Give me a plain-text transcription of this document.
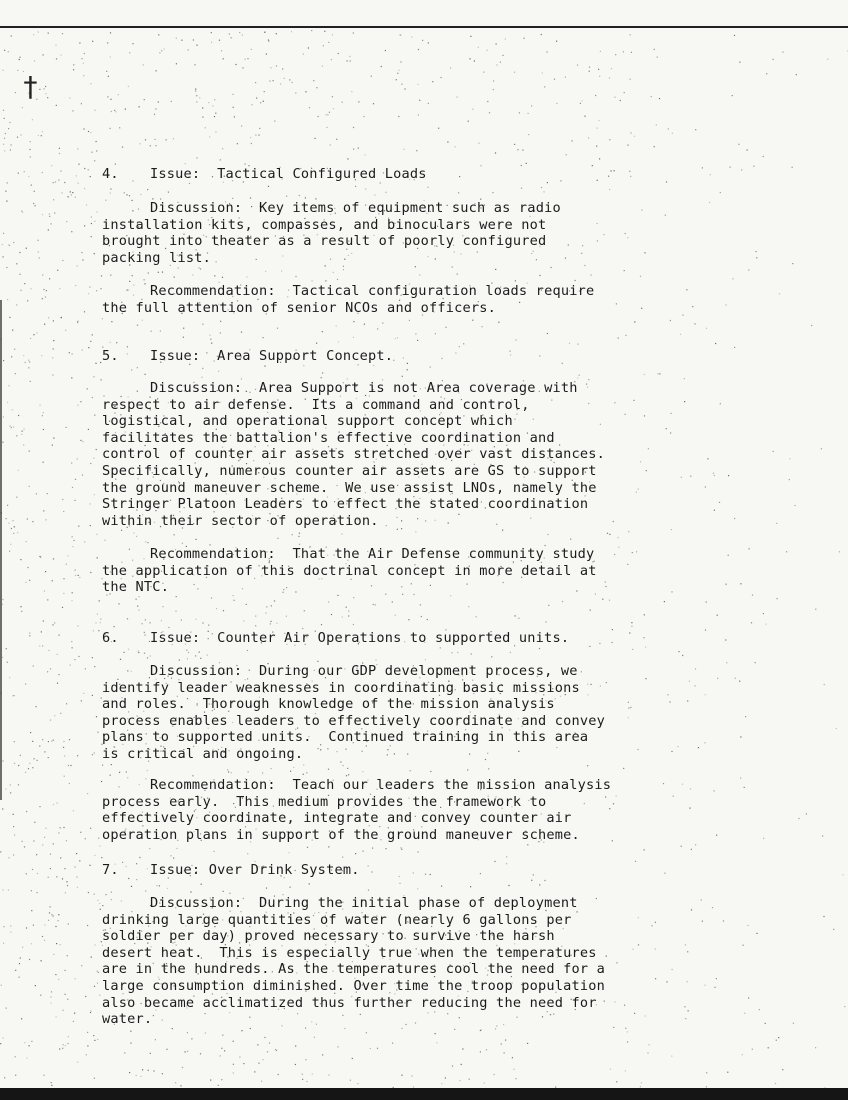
†
4. Issue:  Tactical Configured Loads
Discussion: Key items of equipment such as radio
installation kits, compasses, and binoculars were not
brought into theater as a result of poorly configured
packing list.
Recommendation: Tactical configuration loads require
the full attention of senior NCOs and officers.
5. Issue:  Area Support Concept.
Discussion: Area Support is not Area coverage with
respect to air defense.  Its a command and control,
logistical, and operational support concept which
facilitates the battalion's effective coordination and
control of counter air assets stretched over vast distances.
Specifically, numerous counter air assets are GS to support
the ground maneuver scheme.  We use assist LNOs, namely the
Stringer Platoon Leaders to effect the stated coordination
within their sector of operation.
Recommendation: That the Air Defense community study
the application of this doctrinal concept in more detail at
the NTC.
6. Issue:  Counter Air Operations to supported units.
Discussion: During our GDP development process, we
identify leader weaknesses in coordinating basic missions
and roles.  Thorough knowledge of the mission analysis
process enables leaders to effectively coordinate and convey
plans to supported units.  Continued training in this area
is critical and ongoing.
Recommendation: Teach our leaders the mission analysis
process early.  This medium provides the framework to
effectively coordinate, integrate and convey counter air
operation plans in support of the ground maneuver scheme.
7. Issue: Over Drink System.
Discussion: During the initial phase of deployment
drinking large quantities of water (nearly 6 gallons per
soldier per day) proved necessary to survive the harsh
desert heat.  This is especially true when the temperatures
are in the hundreds. As the temperatures cool the need for a
large consumption diminished. Over time the troop population
also became acclimatized thus further reducing the need for
water.
